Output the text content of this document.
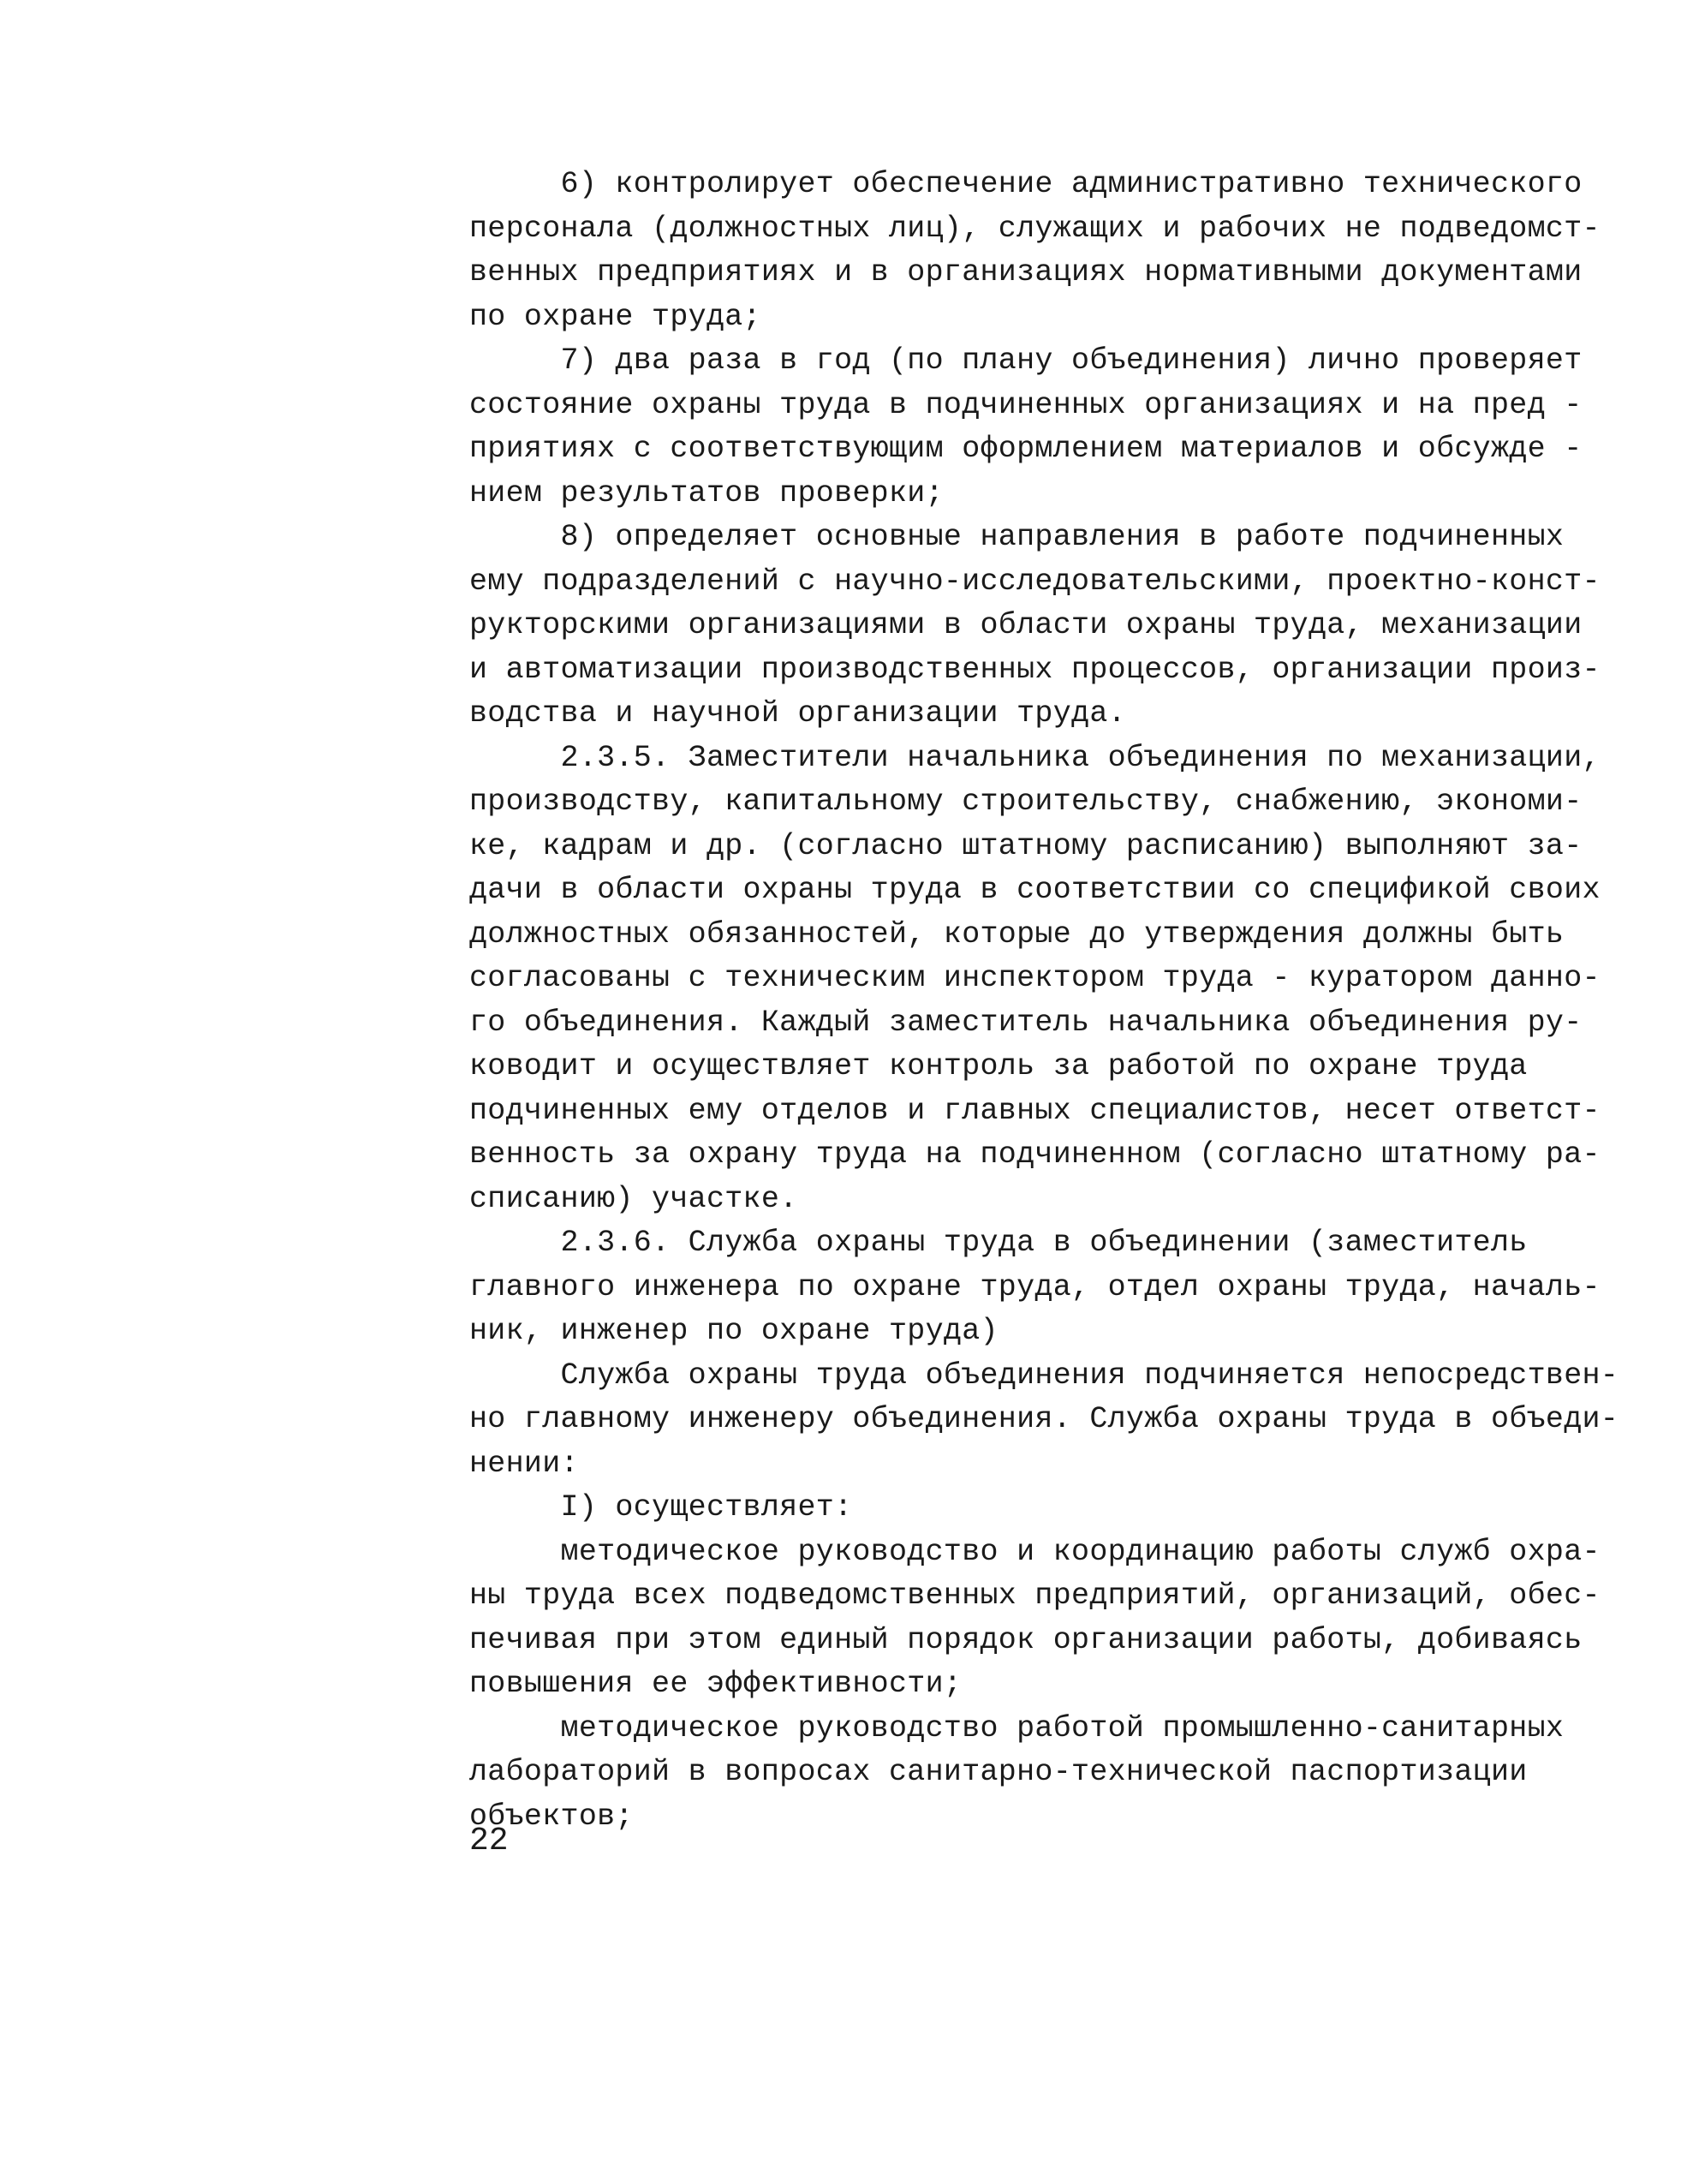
6) контролирует обеспечение административно технического
персонала (должностных лиц), служащих и рабочих не подведомст-
венных предприятиях и в организациях нормативными документами
по охране труда;
7) два раза в год (по плану объединения) лично проверяет
состояние охраны труда в подчиненных организациях и на пред -
приятиях с соответствующим оформлением материалов и обсужде -
нием результатов проверки;
8) определяет основные направления в работе подчиненных
ему подразделений с научно-исследовательскими, проектно-конст-
рукторскими организациями в области охраны труда, механизации
и автоматизации производственных процессов, организации произ-
водства и научной организации труда.
2.3.5. Заместители начальника объединения по механизации,
производству, капитальному строительству, снабжению, экономи-
ке, кадрам и др. (согласно штатному расписанию) выполняют за-
дачи в области охраны труда в соответствии со спецификой своих
должностных обязанностей, которые до утверждения должны быть
согласованы с техническим инспектором труда - куратором данно-
го объединения. Каждый заместитель начальника объединения ру-
ководит и осуществляет контроль за работой по охране труда
подчиненных ему отделов и главных специалистов, несет ответст-
венность за охрану труда на подчиненном (согласно штатному ра-
списанию) участке.
2.3.6. Служба охраны труда в объединении (заместитель
главного инженера по охране труда, отдел охраны труда, началь-
ник, инженер по охране труда)
Служба охраны труда объединения подчиняется непосредствен-
но главному инженеру объединения. Служба охраны труда в объеди-
нении:
I) осуществляет:
методическое руководство и координацию работы служб охра-
ны труда всех подведомственных предприятий, организаций, обес-
печивая при этом единый порядок организации работы, добиваясь
повышения ее эффективности;
методическое руководство работой промышленно-санитарных
лабораторий в вопросах санитарно-технической паспортизации
объектов;
22
